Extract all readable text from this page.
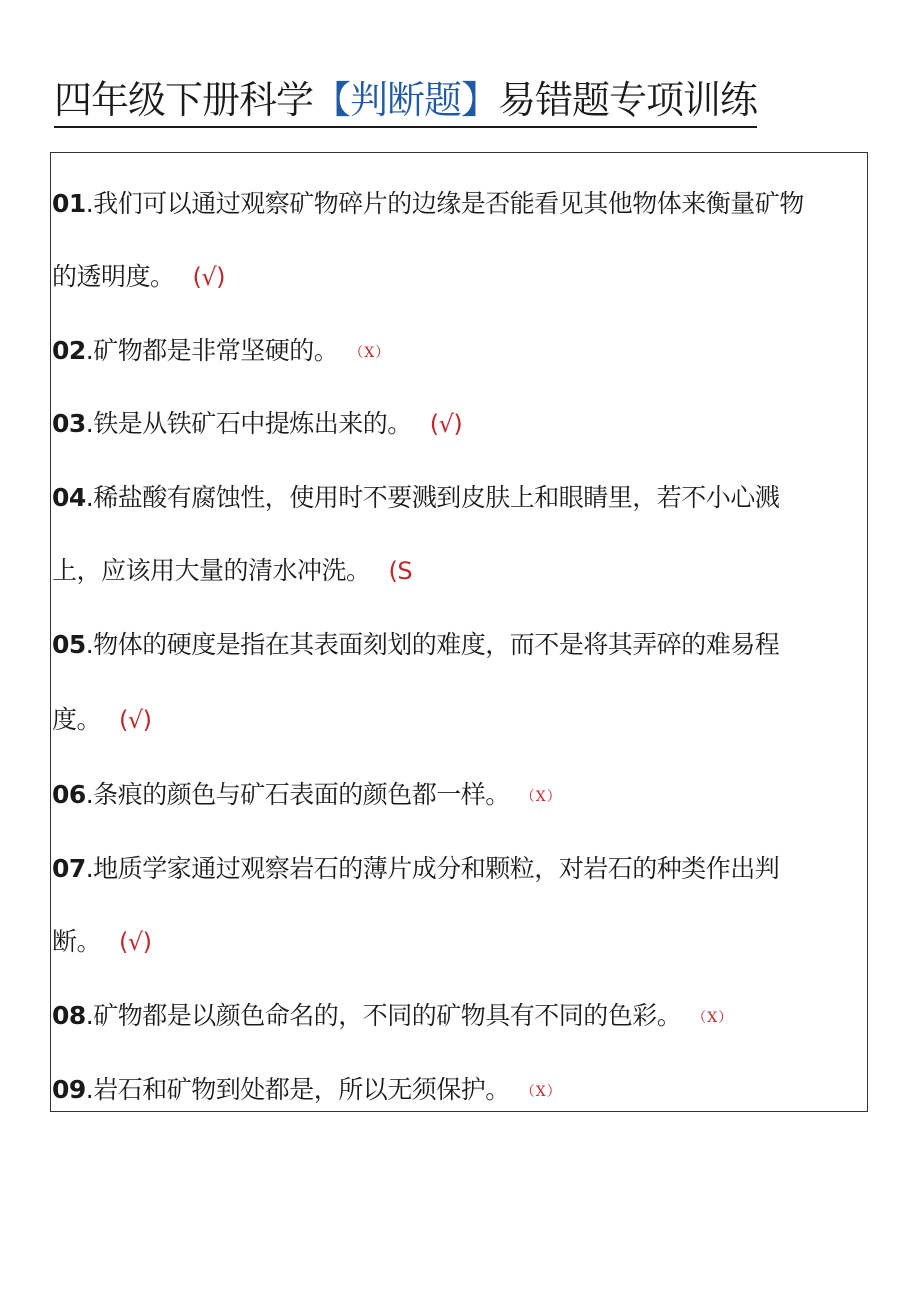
四年级下册科学【判断题】易错题专项训练
01.我们可以通过观察矿物碎片的边缘是否能看见其他物体来衡量矿物
的透明度。 (√)
02.矿物都是非常坚硬的。 （X）
03.铁是从铁矿石中提炼出来的。 (√)
04.稀盐酸有腐蚀性，使用时不要溅到皮肤上和眼睛里，若不小心溅
上，应该用大量的清水冲洗。 (S
05.物体的硬度是指在其表面刻划的难度，而不是将其弄碎的难易程
度。 (√)
06.条痕的颜色与矿石表面的颜色都一样。 （X）
07.地质学家通过观察岩石的薄片成分和颗粒，对岩石的种类作出判
断。 (√)
08.矿物都是以颜色命名的，不同的矿物具有不同的色彩。 （X）
09.岩石和矿物到处都是，所以无须保护。 （X）
